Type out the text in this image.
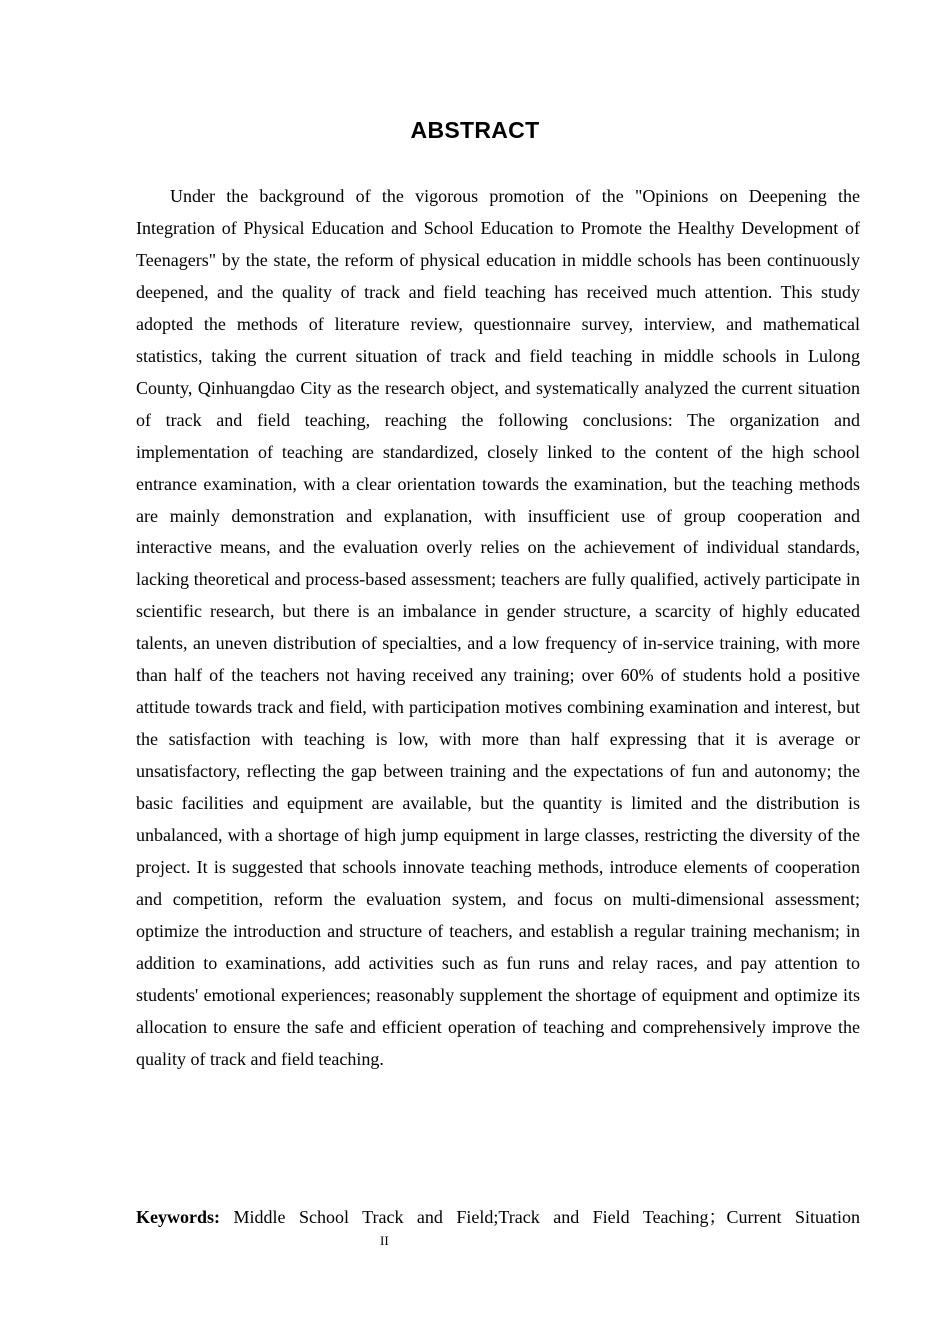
ABSTRACT

Under the background of the vigorous promotion of the "Opinions on Deepening the Integration of Physical Education and School Education to Promote the Healthy Development of Teenagers" by the state, the reform of physical education in middle schools has been continuously deepened, and the quality of track and field teaching has received much attention. This study adopted the methods of literature review, questionnaire survey, interview, and mathematical statistics, taking the current situation of track and field teaching in middle schools in Lulong County, Qinhuangdao City as the research object, and systematically analyzed the current situation of track and field teaching, reaching the following conclusions: The organization and implementation of teaching are standardized, closely linked to the content of the high school entrance examination, with a clear orientation towards the examination, but the teaching methods are mainly demonstration and explanation, with insufficient use of group cooperation and interactive means, and the evaluation overly relies on the achievement of individual standards, lacking theoretical and process-based assessment; teachers are fully qualified, actively participate in scientific research, but there is an imbalance in gender structure, a scarcity of highly educated talents, an uneven distribution of specialties, and a low frequency of in-service training, with more than half of the teachers not having received any training; over 60% of students hold a positive attitude towards track and field, with participation motives combining examination and interest, but the satisfaction with teaching is low, with more than half expressing that it is average or unsatisfactory, reflecting the gap between training and the expectations of fun and autonomy; the basic facilities and equipment are available, but the quantity is limited and the distribution is unbalanced, with a shortage of high jump equipment in large classes, restricting the diversity of the project. It is suggested that schools innovate teaching methods, introduce elements of cooperation and competition, reform the evaluation system, and focus on multi-dimensional assessment; optimize the introduction and structure of teachers, and establish a regular training mechanism; in addition to examinations, add activities such as fun runs and relay races, and pay attention to students' emotional experiences; reasonably supplement the shortage of equipment and optimize its allocation to ensure the safe and efficient operation of teaching and comprehensively improve the quality of track and field teaching.

Keywords: Middle School Track and Field;Track and Field Teaching；Current Situation

II
